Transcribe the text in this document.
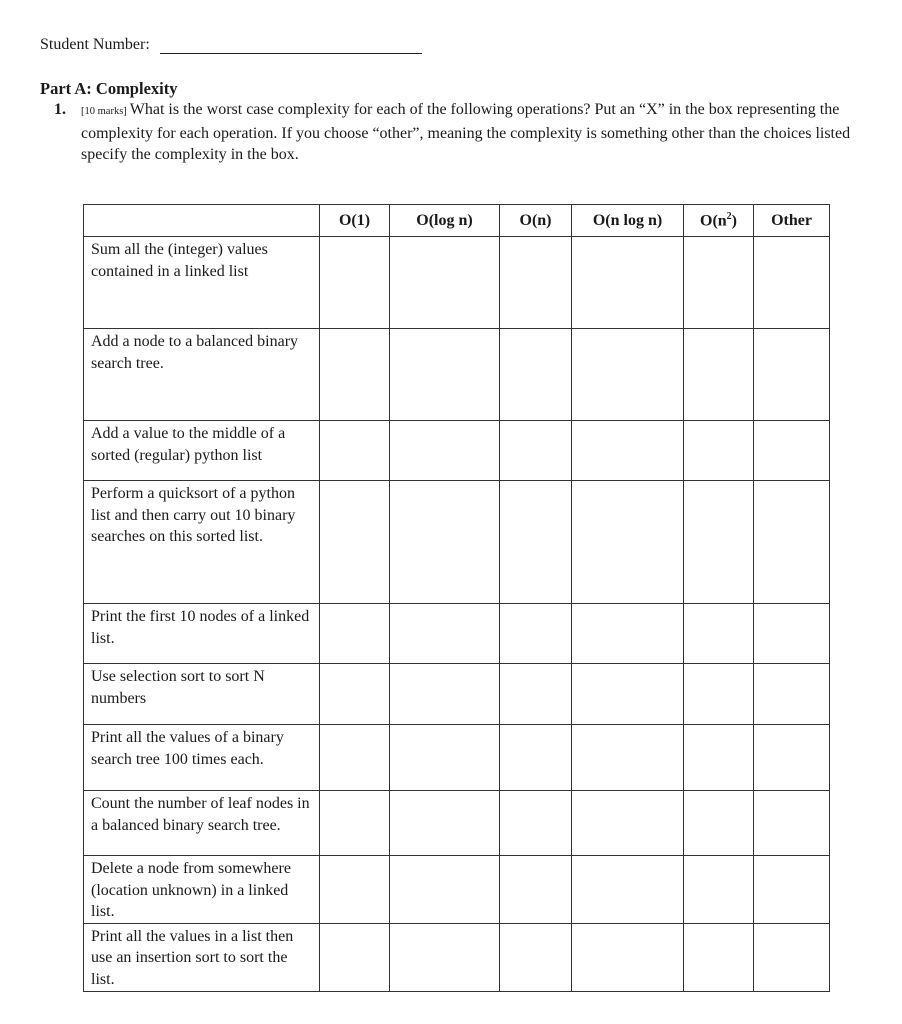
Student Number:
Part A: Complexity
1. [10 marks] What is the worst case complexity for each of the following operations? Put an “X” in the box representing the complexity for each operation. If you choose “other”, meaning the complexity is something other than the choices listed specify the complexity in the box.
	O(1)	O(log n)	O(n)	O(n log n)	$O(n^2)$	Other
Sum all the (integer) values contained in a linked list						
Add a node to a balanced binary search tree.						
Add a value to the middle of a sorted (regular) python list						
Perform a quicksort of a python list and then carry out 10 binary searches on this sorted list.						
Print the first 10 nodes of a linked list.						
Use selection sort to sort N numbers						
Print all the values of a binary search tree 100 times each.						
Count the number of leaf nodes in a balanced binary search tree.						
Delete a node from somewhere (location unknown) in a linked list.						
Print all the values in a list then use an insertion sort to sort the list.						
